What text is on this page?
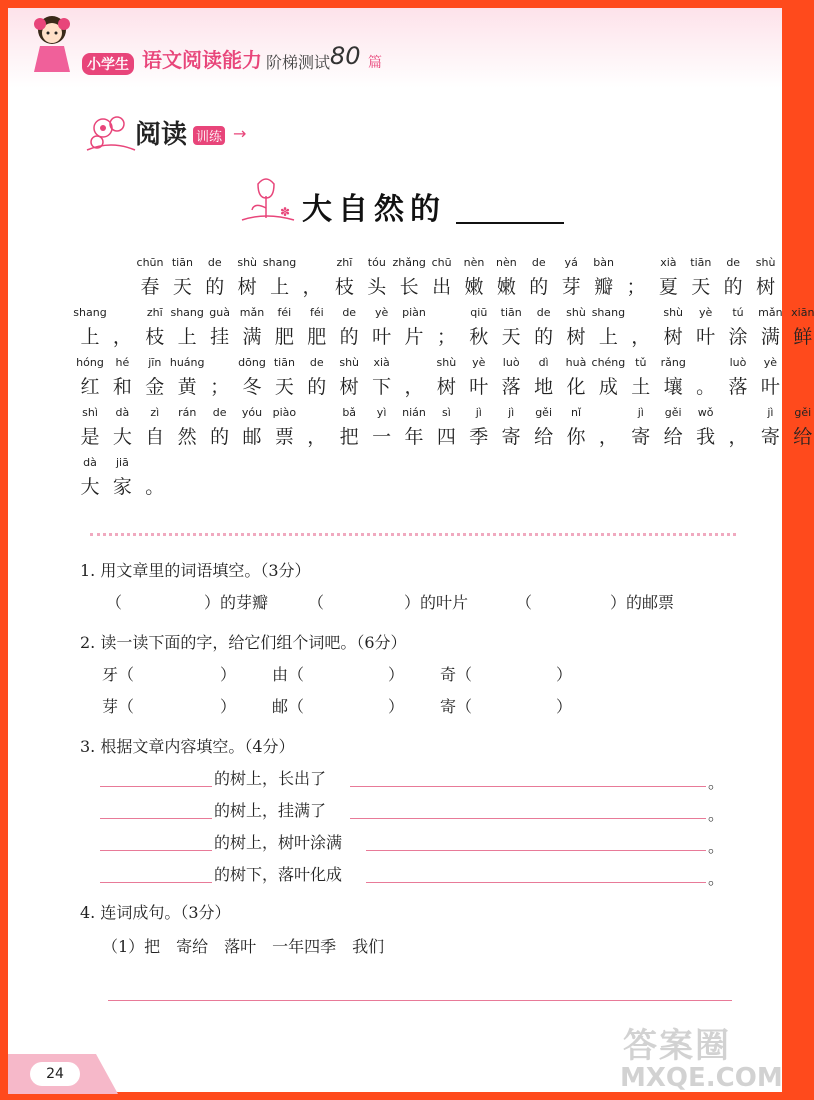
小学生 语文阅读能力 阶梯测试 80 篇
阅读 训练 →
✽ 大自然的
chūn
春
tiān
天
de
的
shù
树
shang
上 ，
zhī
枝
tóu
头
zhǎng
长
chū
出
nèn
嫩
nèn
嫩
de
的
yá
芽
bàn
瓣 ；
xià
夏
tiān
天
de
的
shù
树
shang
上 ，
zhī
枝
shang
上
guà
挂
mǎn
满
féi
肥
féi
肥
de
的
yè
叶
piàn
片 ；
qiū
秋
tiān
天
de
的
shù
树
shang
上 ，
shù
树
yè
叶
tú
涂
mǎn
满
xiān
鲜
hóng
红
hé
和
jīn
金
huáng
黄 ；
dōng
冬
tiān
天
de
的
shù
树
xià
下 ，
shù
树
yè
叶
luò
落
dì
地
huà
化
chéng
成
tǔ
土
rǎng
壤 。
luò
落
yè
叶
shì
是
dà
大
zì
自
rán
然
de
的
yóu
邮
piào
票 ，
bǎ
把
yì
一
nián
年
sì
四
jì
季
jì
寄
gěi
给
nǐ
你 ，
jì
寄
gěi
给
wǒ
我 ，
jì
寄
gěi
给
dà
大
jiā
家 。
1. 用文章里的词语填空。（3分）
（	）的芽瓣 （	）的叶片	（	）的邮票
2. 读一读下面的字，给它们组个词吧。（6分）
牙（	） 由（	） 奇（	）
芽（	） 邮（	） 寄（	）
3. 根据文章内容填空。（4分）
的树上，长出了	。
的树上，挂满了	。
的树上，树叶涂满	。
的树下，落叶化成	。
4. 连词成句。（3分）
（1）把　寄给　落叶　一年四季　我们
24
答案圈
MXQE.COM
